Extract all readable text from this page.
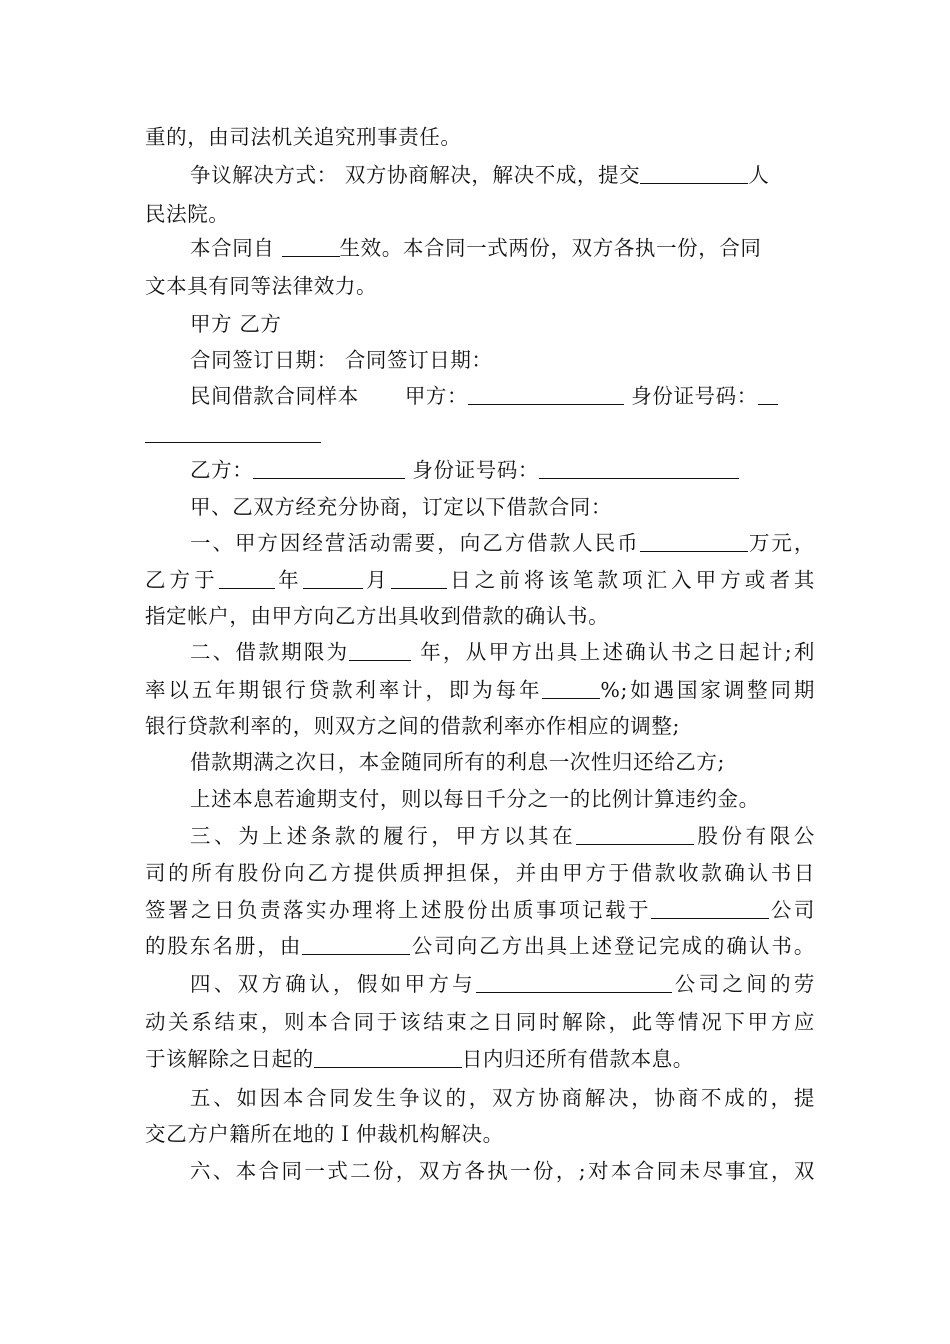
重的，由司法机关追究刑事责任。
争议解决方式： 双方协商解决，解决不成，提交	人
民法院。
本合同自	生效。本合同一式两份，双方各执一份，合同
文本具有同等法律效力。
甲方 乙方
合同签订日期： 合同签订日期：
民间借款合同样本 甲方：	身份证号码：
乙方：	身份证号码：
甲、乙双方经充分协商，订定以下借款合同：
一、甲方因经营活动需要，向乙方借款人民币	万元，
乙方于	年	月	日之前将该笔款项汇入甲方或者其
指定帐户，由甲方向乙方出具收到借款的确认书。
二、借款期限为	年，从甲方出具上述确认书之日起计;利
率以五年期银行贷款利率计，即为每年	%;如遇国家调整同期
银行贷款利率的，则双方之间的借款利率亦作相应的调整;
借款期满之次日，本金随同所有的利息一次性归还给乙方;
上述本息若逾期支付，则以每日千分之一的比例计算违约金。
三、为上述条款的履行，甲方以其在	股份有限公
司的所有股份向乙方提供质押担保，并由甲方于借款收款确认书日
签署之日负责落实办理将上述股份出质事项记载于	公司
的股东名册，由	公司向乙方出具上述登记完成的确认书。
四、双方确认，假如甲方与	公司之间的劳
动关系结束，则本合同于该结束之日同时解除，此等情况下甲方应
于该解除之日起的	日内归还所有借款本息。
五、如因本合同发生争议的，双方协商解决，协商不成的，提
交乙方户籍所在地的Ｉ仲裁机构解决。
六、本合同一式二份，双方各执一份，;对本合同未尽事宜，双
